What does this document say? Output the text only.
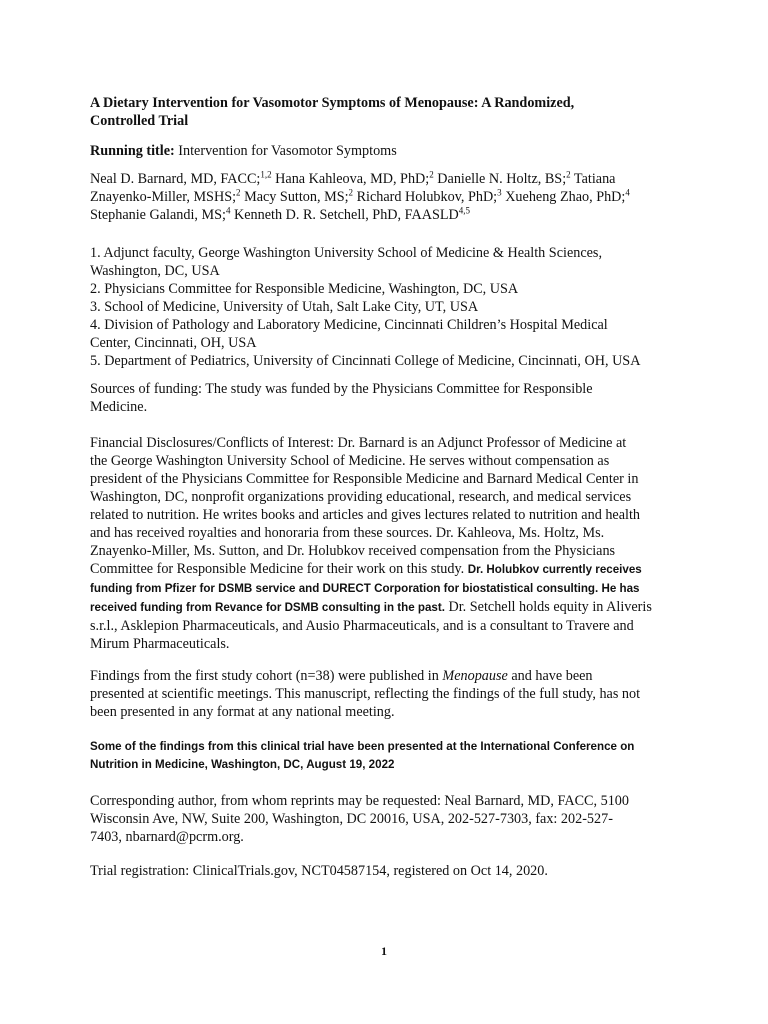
A Dietary Intervention for Vasomotor Symptoms of Menopause: A Randomized,
Controlled Trial
Running title: Intervention for Vasomotor Symptoms
Neal D. Barnard, MD, FACC;$^{1,2}$ Hana Kahleova, MD, PhD;$^2$ Danielle N. Holtz, BS;$^2$ Tatiana
Znayenko-Miller, MSHS;$^2$ Macy Sutton, MS;$^2$ Richard Holubkov, PhD;$^3$ Xueheng Zhao, PhD;$^4$
Stephanie Galandi, MS;$^4$ Kenneth D. R. Setchell, PhD, FAASLD$^{4,5}$
1. Adjunct faculty, George Washington University School of Medicine & Health Sciences,
Washington, DC, USA
2. Physicians Committee for Responsible Medicine, Washington, DC, USA
3. School of Medicine, University of Utah, Salt Lake City, UT, USA
4. Division of Pathology and Laboratory Medicine, Cincinnati Children’s Hospital Medical
Center, Cincinnati, OH, USA
5. Department of Pediatrics, University of Cincinnati College of Medicine, Cincinnati, OH, USA
Sources of funding: The study was funded by the Physicians Committee for Responsible
Medicine.
Financial Disclosures/Conflicts of Interest: Dr. Barnard is an Adjunct Professor of Medicine at
the George Washington University School of Medicine. He serves without compensation as
president of the Physicians Committee for Responsible Medicine and Barnard Medical Center in
Washington, DC, nonprofit organizations providing educational, research, and medical services
related to nutrition. He writes books and articles and gives lectures related to nutrition and health
and has received royalties and honoraria from these sources. Dr. Kahleova, Ms. Holtz, Ms.
Znayenko-Miller, Ms. Sutton, and Dr. Holubkov received compensation from the Physicians
Committee for Responsible Medicine for their work on this study. Dr. Holubkov currently receives
funding from Pfizer for DSMB service and DURECT Corporation for biostatistical consulting. He has
received funding from Revance for DSMB consulting in the past. Dr. Setchell holds equity in Aliveris
s.r.l., Asklepion Pharmaceuticals, and Ausio Pharmaceuticals, and is a consultant to Travere and
Mirum Pharmaceuticals.
Findings from the first study cohort (n=38) were published in Menopause and have been
presented at scientific meetings. This manuscript, reflecting the findings of the full study, has not
been presented in any format at any national meeting.
Some of the findings from this clinical trial have been presented at the International Conference on
Nutrition in Medicine, Washington, DC, August 19, 2022
Corresponding author, from whom reprints may be requested: Neal Barnard, MD, FACC, 5100
Wisconsin Ave, NW, Suite 200, Washington, DC 20016, USA, 202-527-7303, fax: 202-527-
7403, nbarnard@pcrm.org.
Trial registration: ClinicalTrials.gov, NCT04587154, registered on Oct 14, 2020.
1
